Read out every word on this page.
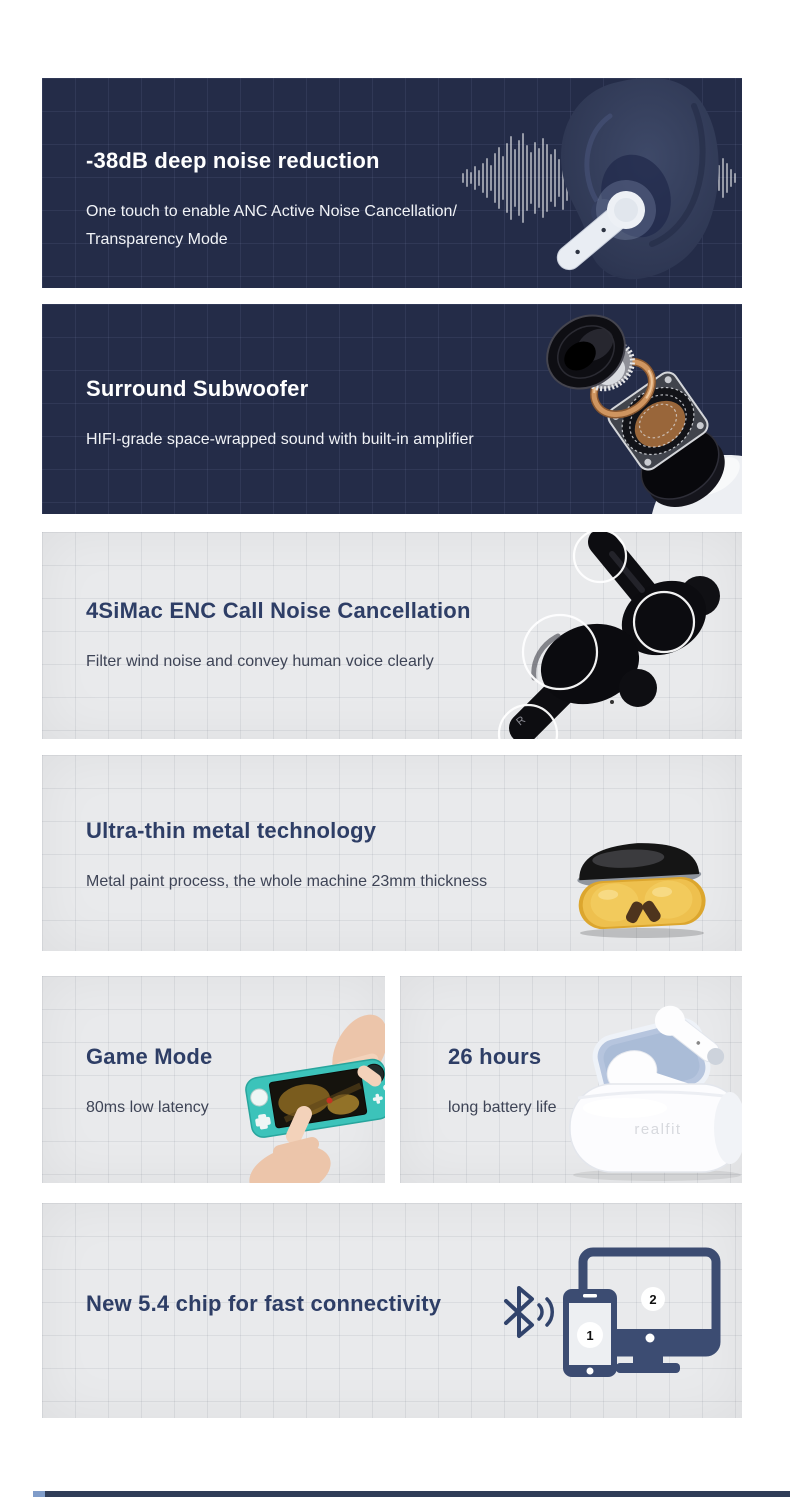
-38dB deep noise reduction

One touch to enable ANC Active Noise Cancellation/

Transparency Mode

Surround Subwoofer

HIFI-grade space-wrapped sound with built-in amplifier

R
4SiMac ENC Call Noise Cancellation

Filter wind noise and convey human voice clearly

Ultra-thin metal technology

Metal paint process, the whole machine 23mm thickness

Game Mode

80ms low latency

realfit
26 hours

long battery life

1
2
New 5.4 chip for fast connectivity
